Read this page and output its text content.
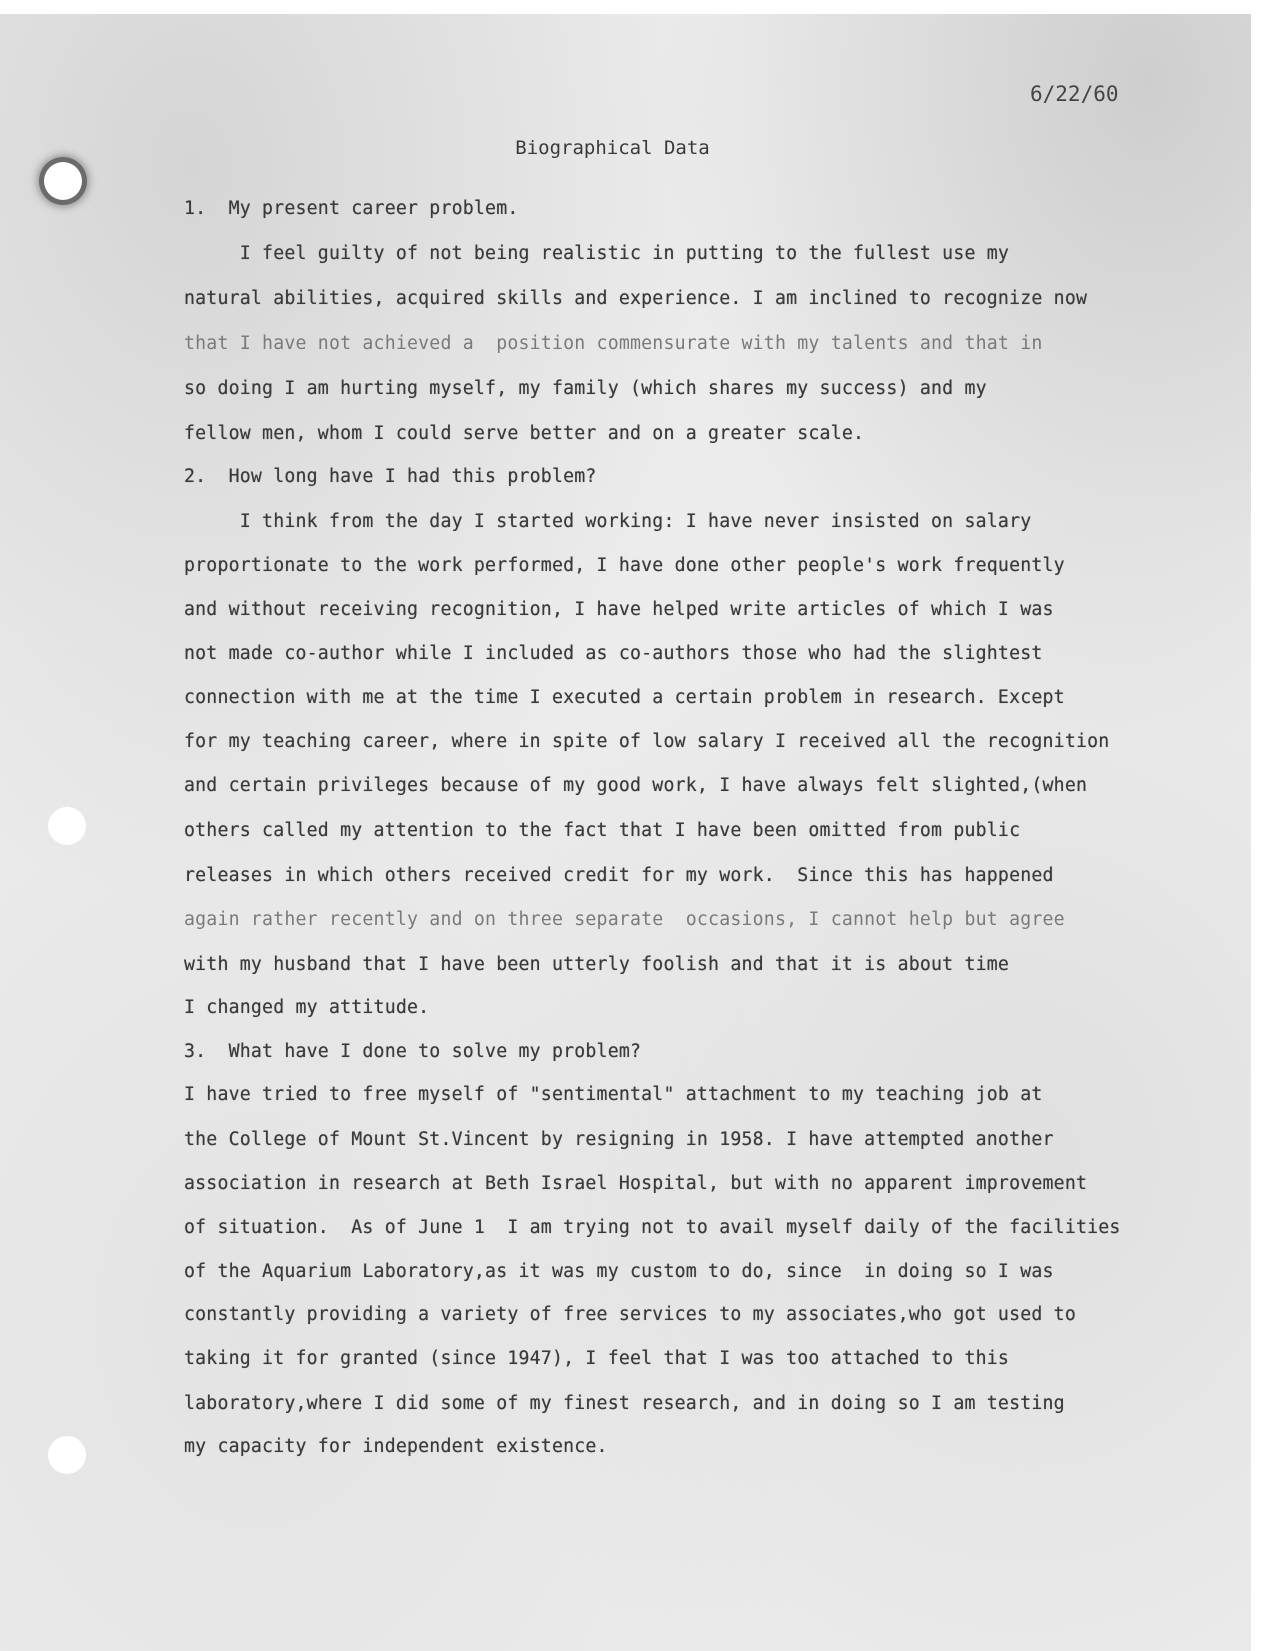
6/22/60
Biographical Data
1.  My present career problem.
I feel guilty of not being realistic in putting to the fullest use my
natural abilities, acquired skills and experience. I am inclined to recognize now
that I have not achieved a  position commensurate with my talents and that in
so doing I am hurting myself, my family (which shares my success) and my
fellow men, whom I could serve better and on a greater scale.
2.  How long have I had this problem?
I think from the day I started working: I have never insisted on salary
proportionate to the work performed, I have done other people's work frequently
and without receiving recognition, I have helped write articles of which I was
not made co-author while I included as co-authors those who had the slightest
connection with me at the time I executed a certain problem in research. Except
for my teaching career, where in spite of low salary I received all the recognition
and certain privileges because of my good work, I have always felt slighted,(when
others called my attention to the fact that I have been omitted from public
releases in which others received credit for my work.  Since this has happened
again rather recently and on three separate  occasions, I cannot help but agree
with my husband that I have been utterly foolish and that it is about time
I changed my attitude.
3.  What have I done to solve my problem?
I have tried to free myself of "sentimental" attachment to my teaching job at
the College of Mount St.Vincent by resigning in 1958. I have attempted another
association in research at Beth Israel Hospital, but with no apparent improvement
of situation.  As of June 1  I am trying not to avail myself daily of the facilities
of the Aquarium Laboratory,as it was my custom to do, since  in doing so I was
constantly providing a variety of free services to my associates,who got used to
taking it for granted (since 1947), I feel that I was too attached to this
laboratory,where I did some of my finest research, and in doing so I am testing
my capacity for independent existence.
